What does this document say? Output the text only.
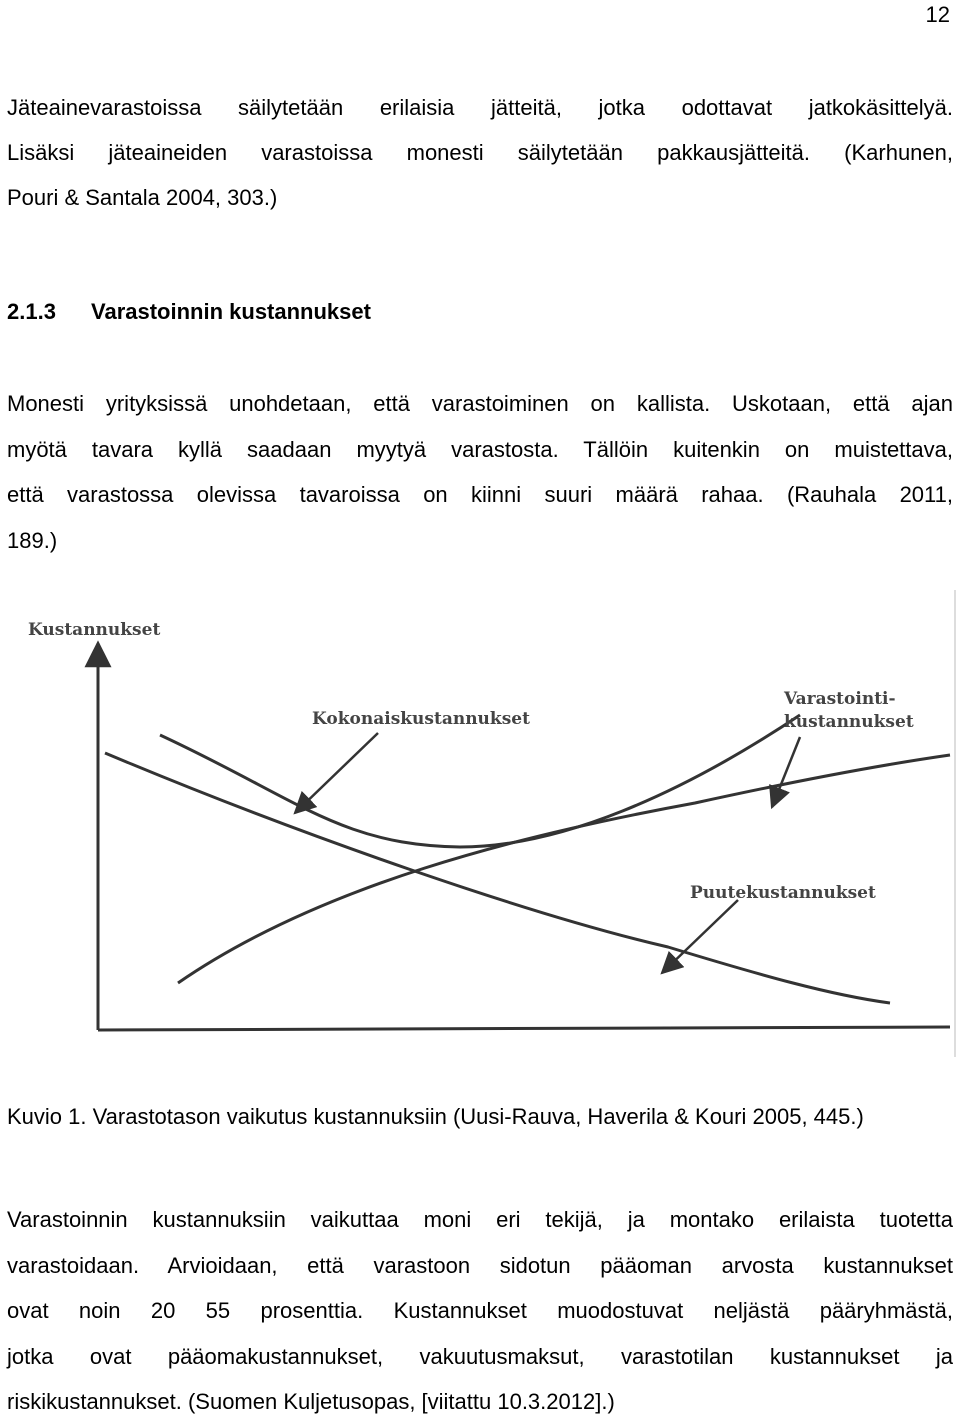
12
Jäteainevarastoissa säilytetään erilaisia jätteitä, jotka odottavat jatkokäsittelyä.
Lisäksi jäteaineiden varastoissa monesti säilytetään pakkausjätteitä. (Karhunen,
Pouri & Santala 2004, 303.)
2.1.3 Varastoinnin kustannukset
Monesti yrityksissä unohdetaan, että varastoiminen on kallista. Uskotaan, että ajan
myötä tavara kyllä saadaan myytyä varastosta. Tällöin kuitenkin on muistettava,
että varastossa olevissa tavaroissa on kiinni suuri määrä rahaa. (Rauhala 2011,
189.)
Kustannukset
Kokonaiskustannukset
Varastointi-
kustannukset
Puutekustannukset

Kuvio 1. Varastotason vaikutus kustannuksiin (Uusi-Rauva, Haverila & Kouri 2005, 445.)

Varastoinnin kustannuksiin vaikuttaa moni eri tekijä, ja montako erilaista tuotetta
varastoidaan. Arvioidaan, että varastoon sidotun pääoman arvosta kustannukset
ovat noin 20 55 prosenttia. Kustannukset muodostuvat neljästä pääryhmästä,
jotka ovat pääomakustannukset, vakuutusmaksut, varastotilan kustannukset ja
riskikustannukset. (Suomen Kuljetusopas, [viitattu 10.3.2012].)
